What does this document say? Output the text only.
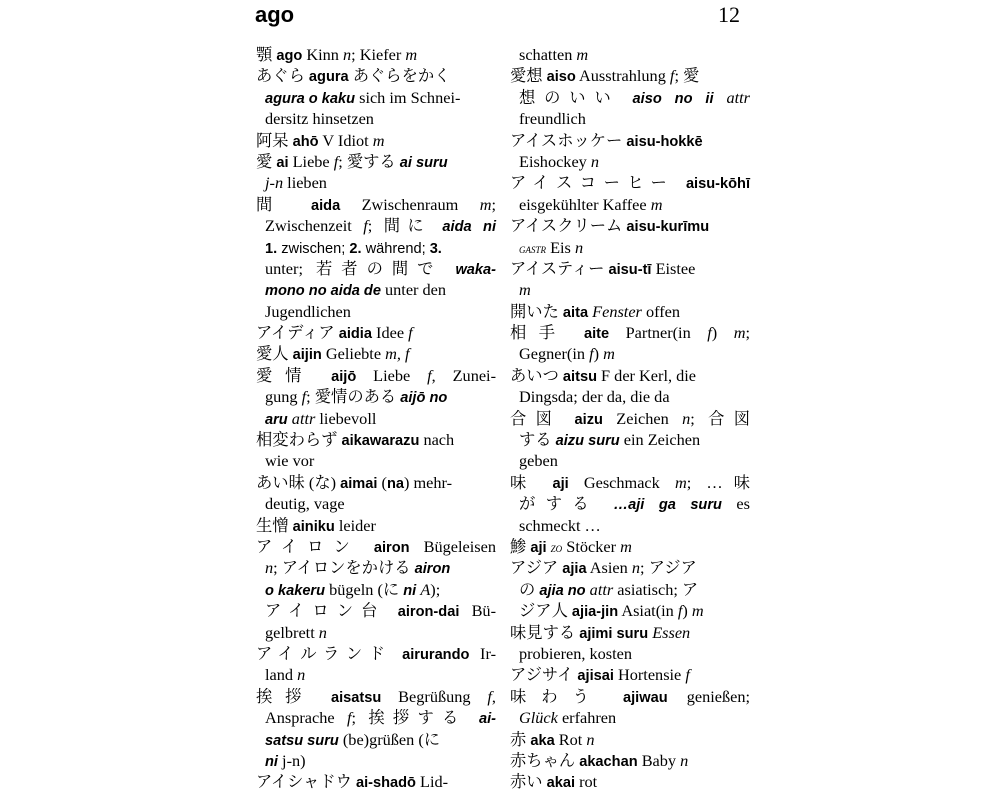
ago	12
顎 ago Kinn n; Kiefer m
あぐら agura あぐらをかく
agura o kaku sich im Schnei-
dersitz hinsetzen
阿呆 ahō V Idiot m
愛 ai Liebe f; 愛する ai suru
j-n lieben
間 aida Zwischenraum m;
Zwischenzeit f; 間に aida ni
1. zwischen; 2. während; 3.
unter; 若者の間で waka-
mono no aida de unter den
Jugendlichen
アイディア aidia Idee f
愛人 aijin Geliebte m, f
愛情 aijō Liebe f, Zunei-
gung f; 愛情のある aijō no
aru attr liebevoll
相変わらず aikawarazu nach
wie vor
あい昧 (な) aimai (na) mehr-
deutig, vage
生憎 ainiku leider
アイロン airon Bügeleisen
n; アイロンをかける airon
o kakeru bügeln (に ni A);
アイロン台 airon-dai Bü-
gelbrett n
アイルランド airurando Ir-
land n
挨拶 aisatsu Begrüßung f,
Ansprache f; 挨拶する ai-
satsu suru (be)grüßen (に
ni j-n)
アイシャドウ ai-shadō Lid-
schatten m
愛想 aiso Ausstrahlung f; 愛
想のいい aiso no ii attr
freundlich
アイスホッケー aisu-hokkē
Eishockey n
アイスコーヒー aisu-kōhī
eisgekühlter Kaffee m
アイスクリーム aisu-kurīmu
gastr Eis n
アイスティー aisu-tī Eistee
m
開いた aita Fenster offen
相手 aite Partner(in f) m;
Gegner(in f) m
あいつ aitsu F der Kerl, die
Dingsda; der da, die da
合図 aizu Zeichen n; 合図
する aizu suru ein Zeichen
geben
味 aji Geschmack m; …味
がする …aji ga suru es
schmeckt …
鯵 aji zo Stöcker m
アジア ajia Asien n; アジア
の ajia no attr asiatisch; ア
ジア人 ajia-jin Asiat(in f) m
味見する ajimi suru Essen
probieren, kosten
アジサイ ajisai Hortensie f
味わう ajiwau genießen;
Glück erfahren
赤 aka Rot n
赤ちゃん akachan Baby n
赤い akai rot
